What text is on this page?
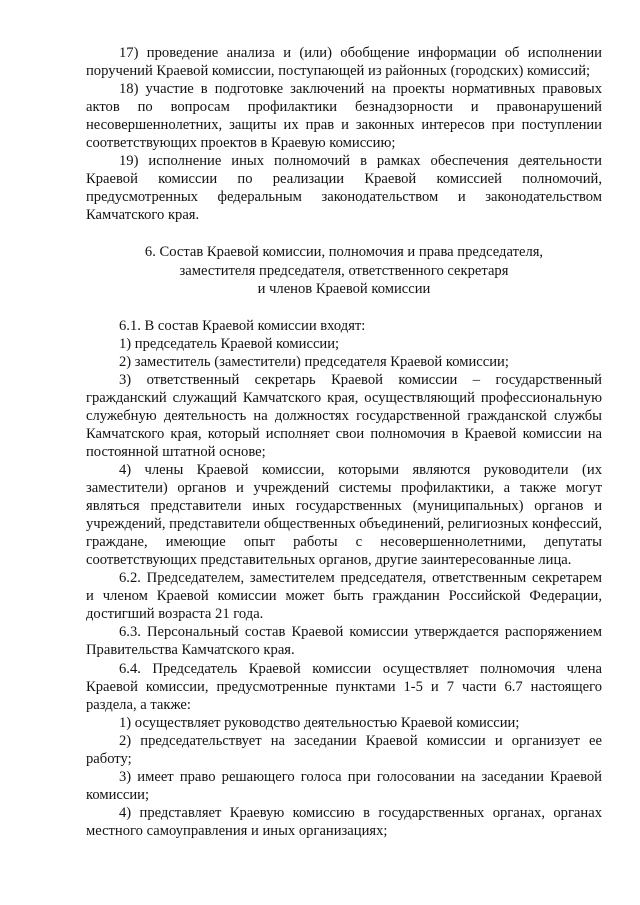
17) проведение анализа и (или) обобщение информации об исполнении поручений Краевой комиссии, поступающей из районных (городских) комиссий;

18) участие в подготовке заключений на проекты нормативных правовых актов по вопросам профилактики безнадзорности и правонарушений несовершеннолетних, защиты их прав и законных интересов при поступлении соответствующих проектов в Краевую комиссию;

19) исполнение иных полномочий в рамках обеспечения деятельности Краевой комиссии по реализации Краевой комиссией полномочий, предусмотренных федеральным законодательством и законодательством Камчатского края.

6. Состав Краевой комиссии, полномочия и права председателя,
заместителя председателя, ответственного секретаря
и членов Краевой комиссии

6.1. В состав Краевой комиссии входят:

1) председатель Краевой комиссии;

2) заместитель (заместители) председателя Краевой комиссии;

3) ответственный секретарь Краевой комиссии – государственный гражданский служащий Камчатского края, осуществляющий профессиональную служебную деятельность на должностях государственной гражданской службы Камчатского края, который исполняет свои полномочия в Краевой комиссии на постоянной штатной основе;

4) члены Краевой комиссии, которыми являются руководители (их заместители) органов и учреждений системы профилактики, а также могут являться представители иных государственных (муниципальных) органов и учреждений, представители общественных объединений, религиозных конфессий, граждане, имеющие опыт работы с несовершеннолетними, депутаты соответствующих представительных органов, другие заинтересованные лица.

6.2. Председателем, заместителем председателя, ответственным секретарем и членом Краевой комиссии может быть гражданин Российской Федерации, достигший возраста 21 года.

6.3. Персональный состав Краевой комиссии утверждается распоряжением Правительства Камчатского края.

6.4. Председатель Краевой комиссии осуществляет полномочия члена Краевой комиссии, предусмотренные пунктами 1-5 и 7 части 6.7 настоящего раздела, а также:

1) осуществляет руководство деятельностью Краевой комиссии;

2) председательствует на заседании Краевой комиссии и организует ее работу;

3) имеет право решающего голоса при голосовании на заседании Краевой комиссии;

4) представляет Краевую комиссию в государственных органах, органах местного самоуправления и иных организациях;
